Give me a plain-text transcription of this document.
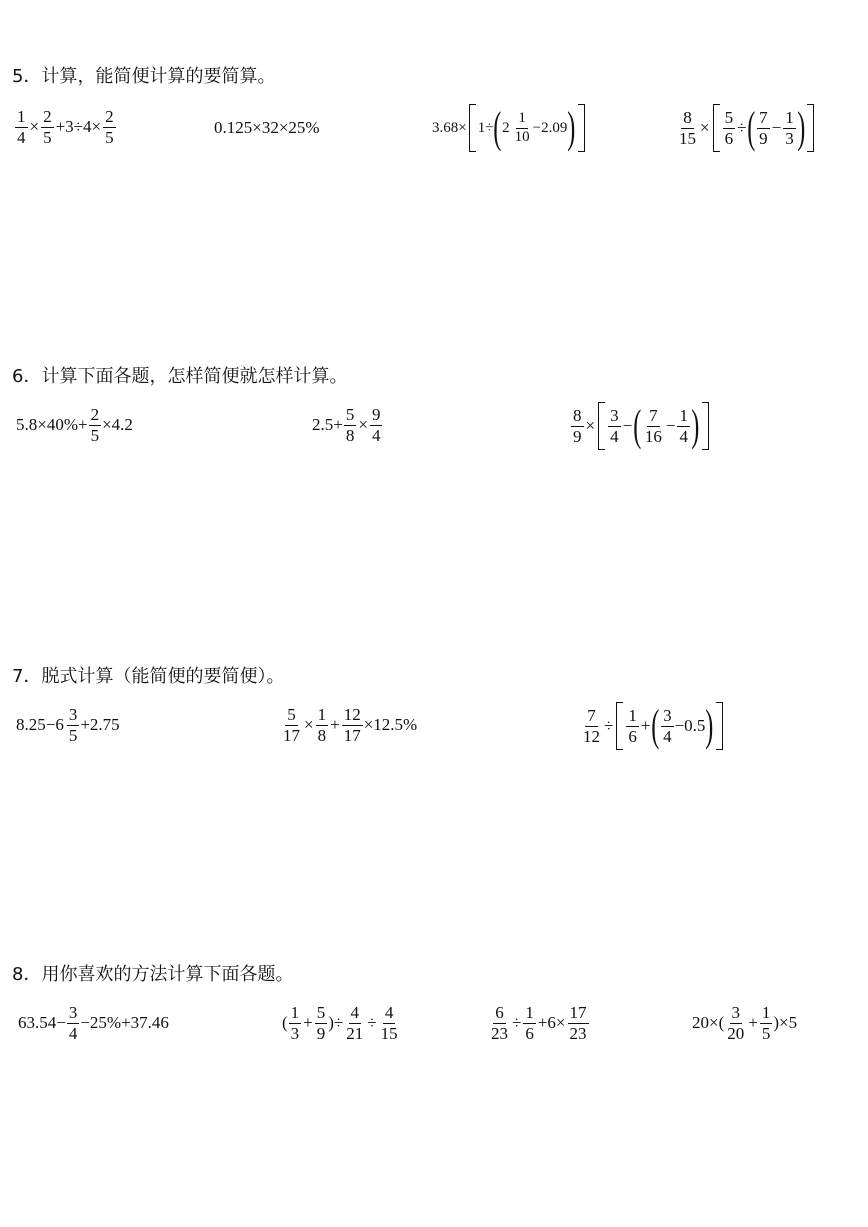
5．计算，能简便计算的要简算。
$\frac{1}{4} \times \frac{2}{5} +3\div 4\times \frac{2}{5}$	0.125×32×25%	3.68× 1÷ ( $2 \frac{1}{10} -2.09$ )	$\frac{8}{15} \times \frac{5}{6}$ ÷ ( $\frac{7}{9} - \frac{1}{3}$ )
6．计算下面各题，怎样简便就怎样计算。
$5.8\times 40\%+ \frac{2}{5} \times 4.2$	$2.5+ \frac{5}{8} \times \frac{9}{4}$	$\frac{8}{9} \times \frac{3}{4}$ − ( $\frac{7}{16} - \frac{1}{4}$ )
7．脱式计算（能简便的要简便）。
$8.25- 6 \frac{3}{5} +2.75$	$\frac{5}{17} \times \frac{1}{8} + \frac{12}{17} \times 12.5\%$	$\frac{7}{12} \div \frac{1}{6}$ + ( $\frac{3}{4} -0.5$ )
8．用你喜欢的方法计算下面各题。
$63.54- \frac{3}{4} -25\%+37.46$	( $\frac{1}{3} + \frac{5}{9}$ )÷ $\frac{4}{21} \div \frac{4}{15}$	$\frac{6}{23} \div \frac{1}{6} +6\times \frac{17}{23}$	$20\times( \frac{3}{20} + \frac{1}{5} )\times 5$
